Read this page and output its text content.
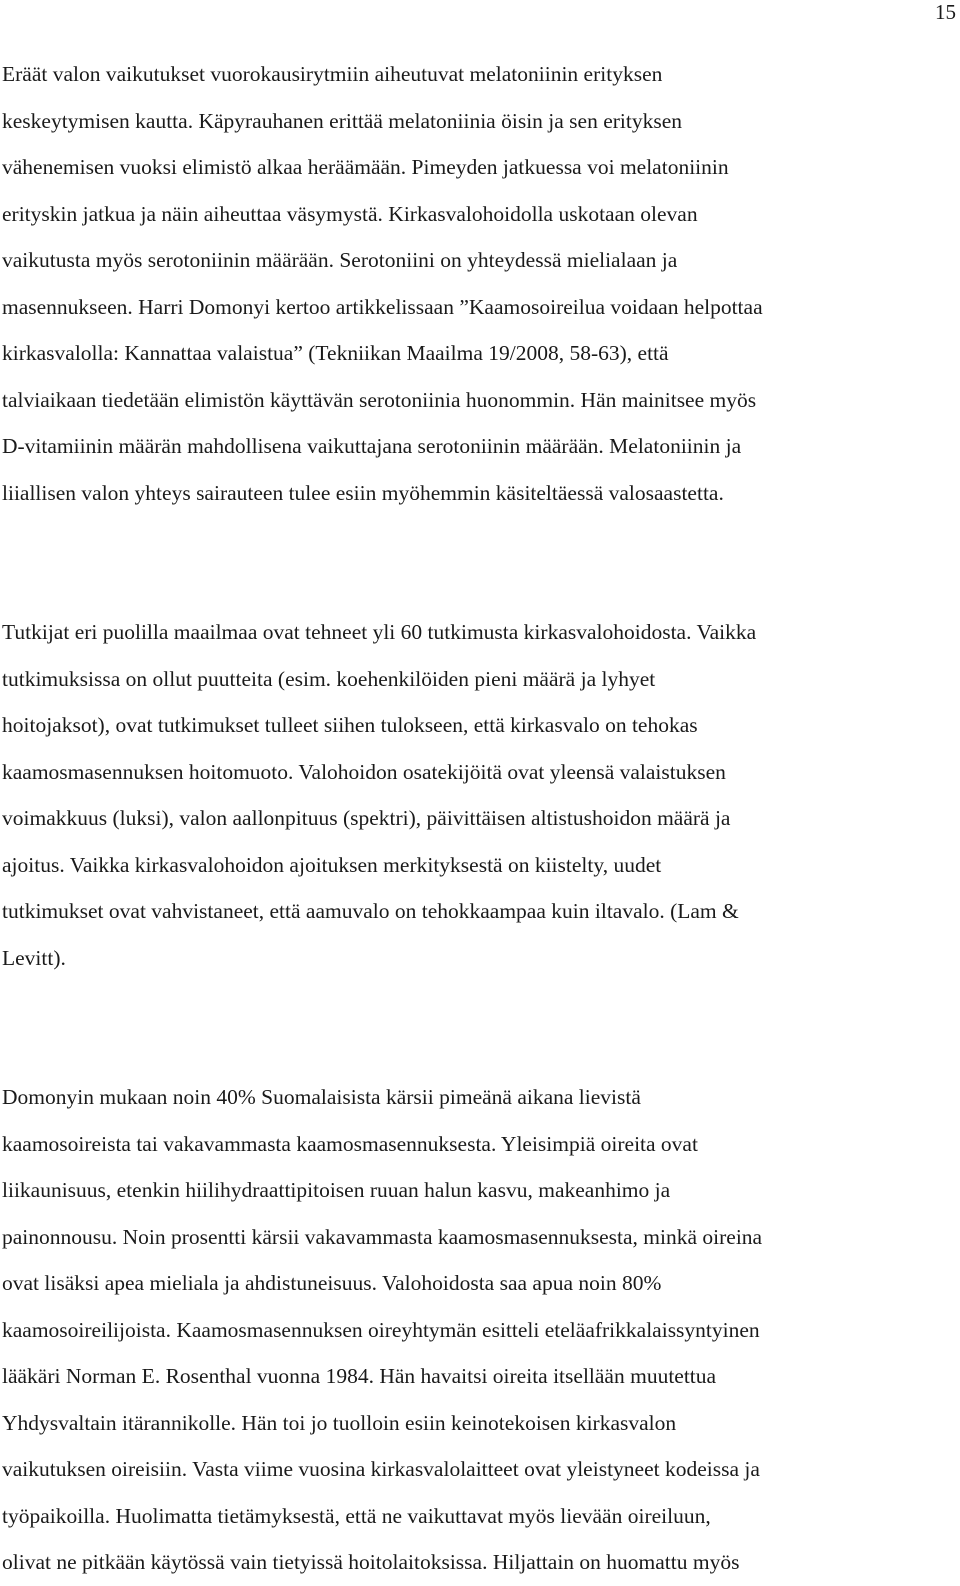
15

Eräät valon vaikutukset vuorokausirytmiin aiheutuvat melatoniinin erityksen
keskeytymisen kautta. Käpyrauhanen erittää melatoniinia öisin ja sen erityksen
vähenemisen vuoksi elimistö alkaa heräämään. Pimeyden jatkuessa voi melatoniinin
erityskin jatkua ja näin aiheuttaa väsymystä. Kirkasvalohoidolla uskotaan olevan
vaikutusta myös serotoniinin määrään. Serotoniini on yhteydessä mielialaan ja
masennukseen. Harri Domonyi kertoo artikkelissaan ”Kaamosoireilua voidaan helpottaa
kirkasvalolla: Kannattaa valaistua” (Tekniikan Maailma 19/2008, 58-63), että
talviaikaan tiedetään elimistön käyttävän serotoniinia huonommin. Hän mainitsee myös
D-vitamiinin määrän mahdollisena vaikuttajana serotoniinin määrään. Melatoniinin ja
liiallisen valon yhteys sairauteen tulee esiin myöhemmin käsiteltäessä valosaastetta.

Tutkijat eri puolilla maailmaa ovat tehneet yli 60 tutkimusta kirkasvalohoidosta. Vaikka
tutkimuksissa on ollut puutteita (esim. koehenkilöiden pieni määrä ja lyhyet
hoitojaksot), ovat tutkimukset tulleet siihen tulokseen, että kirkasvalo on tehokas
kaamosmasennuksen hoitomuoto. Valohoidon osatekijöitä ovat yleensä valaistuksen
voimakkuus (luksi), valon aallonpituus (spektri), päivittäisen altistushoidon määrä ja
ajoitus. Vaikka kirkasvalohoidon ajoituksen merkityksestä on kiistelty, uudet
tutkimukset ovat vahvistaneet, että aamuvalo on tehokkaampaa kuin iltavalo. (Lam &
Levitt).

Domonyin mukaan noin 40% Suomalaisista kärsii pimeänä aikana lievistä
kaamosoireista tai vakavammasta kaamosmasennuksesta. Yleisimpiä oireita ovat
liikaunisuus, etenkin hiilihydraattipitoisen ruuan halun kasvu, makeanhimo ja
painonnousu. Noin prosentti kärsii vakavammasta kaamosmasennuksesta, minkä oireina
ovat lisäksi apea mieliala ja ahdistuneisuus. Valohoidosta saa apua noin 80%
kaamosoireilijoista. Kaamosmasennuksen oireyhtymän esitteli eteläafrikkalaissyntyinen
lääkäri Norman E. Rosenthal vuonna 1984. Hän havaitsi oireita itsellään muutettua
Yhdysvaltain itärannikolle. Hän toi jo tuolloin esiin keinotekoisen kirkasvalon
vaikutuksen oireisiin. Vasta viime vuosina kirkasvalolaitteet ovat yleistyneet kodeissa ja
työpaikoilla. Huolimatta tietämyksestä, että ne vaikuttavat myös lievään oireiluun,
olivat ne pitkään käytössä vain tietyissä hoitolaitoksissa. Hiljattain on huomattu myös
